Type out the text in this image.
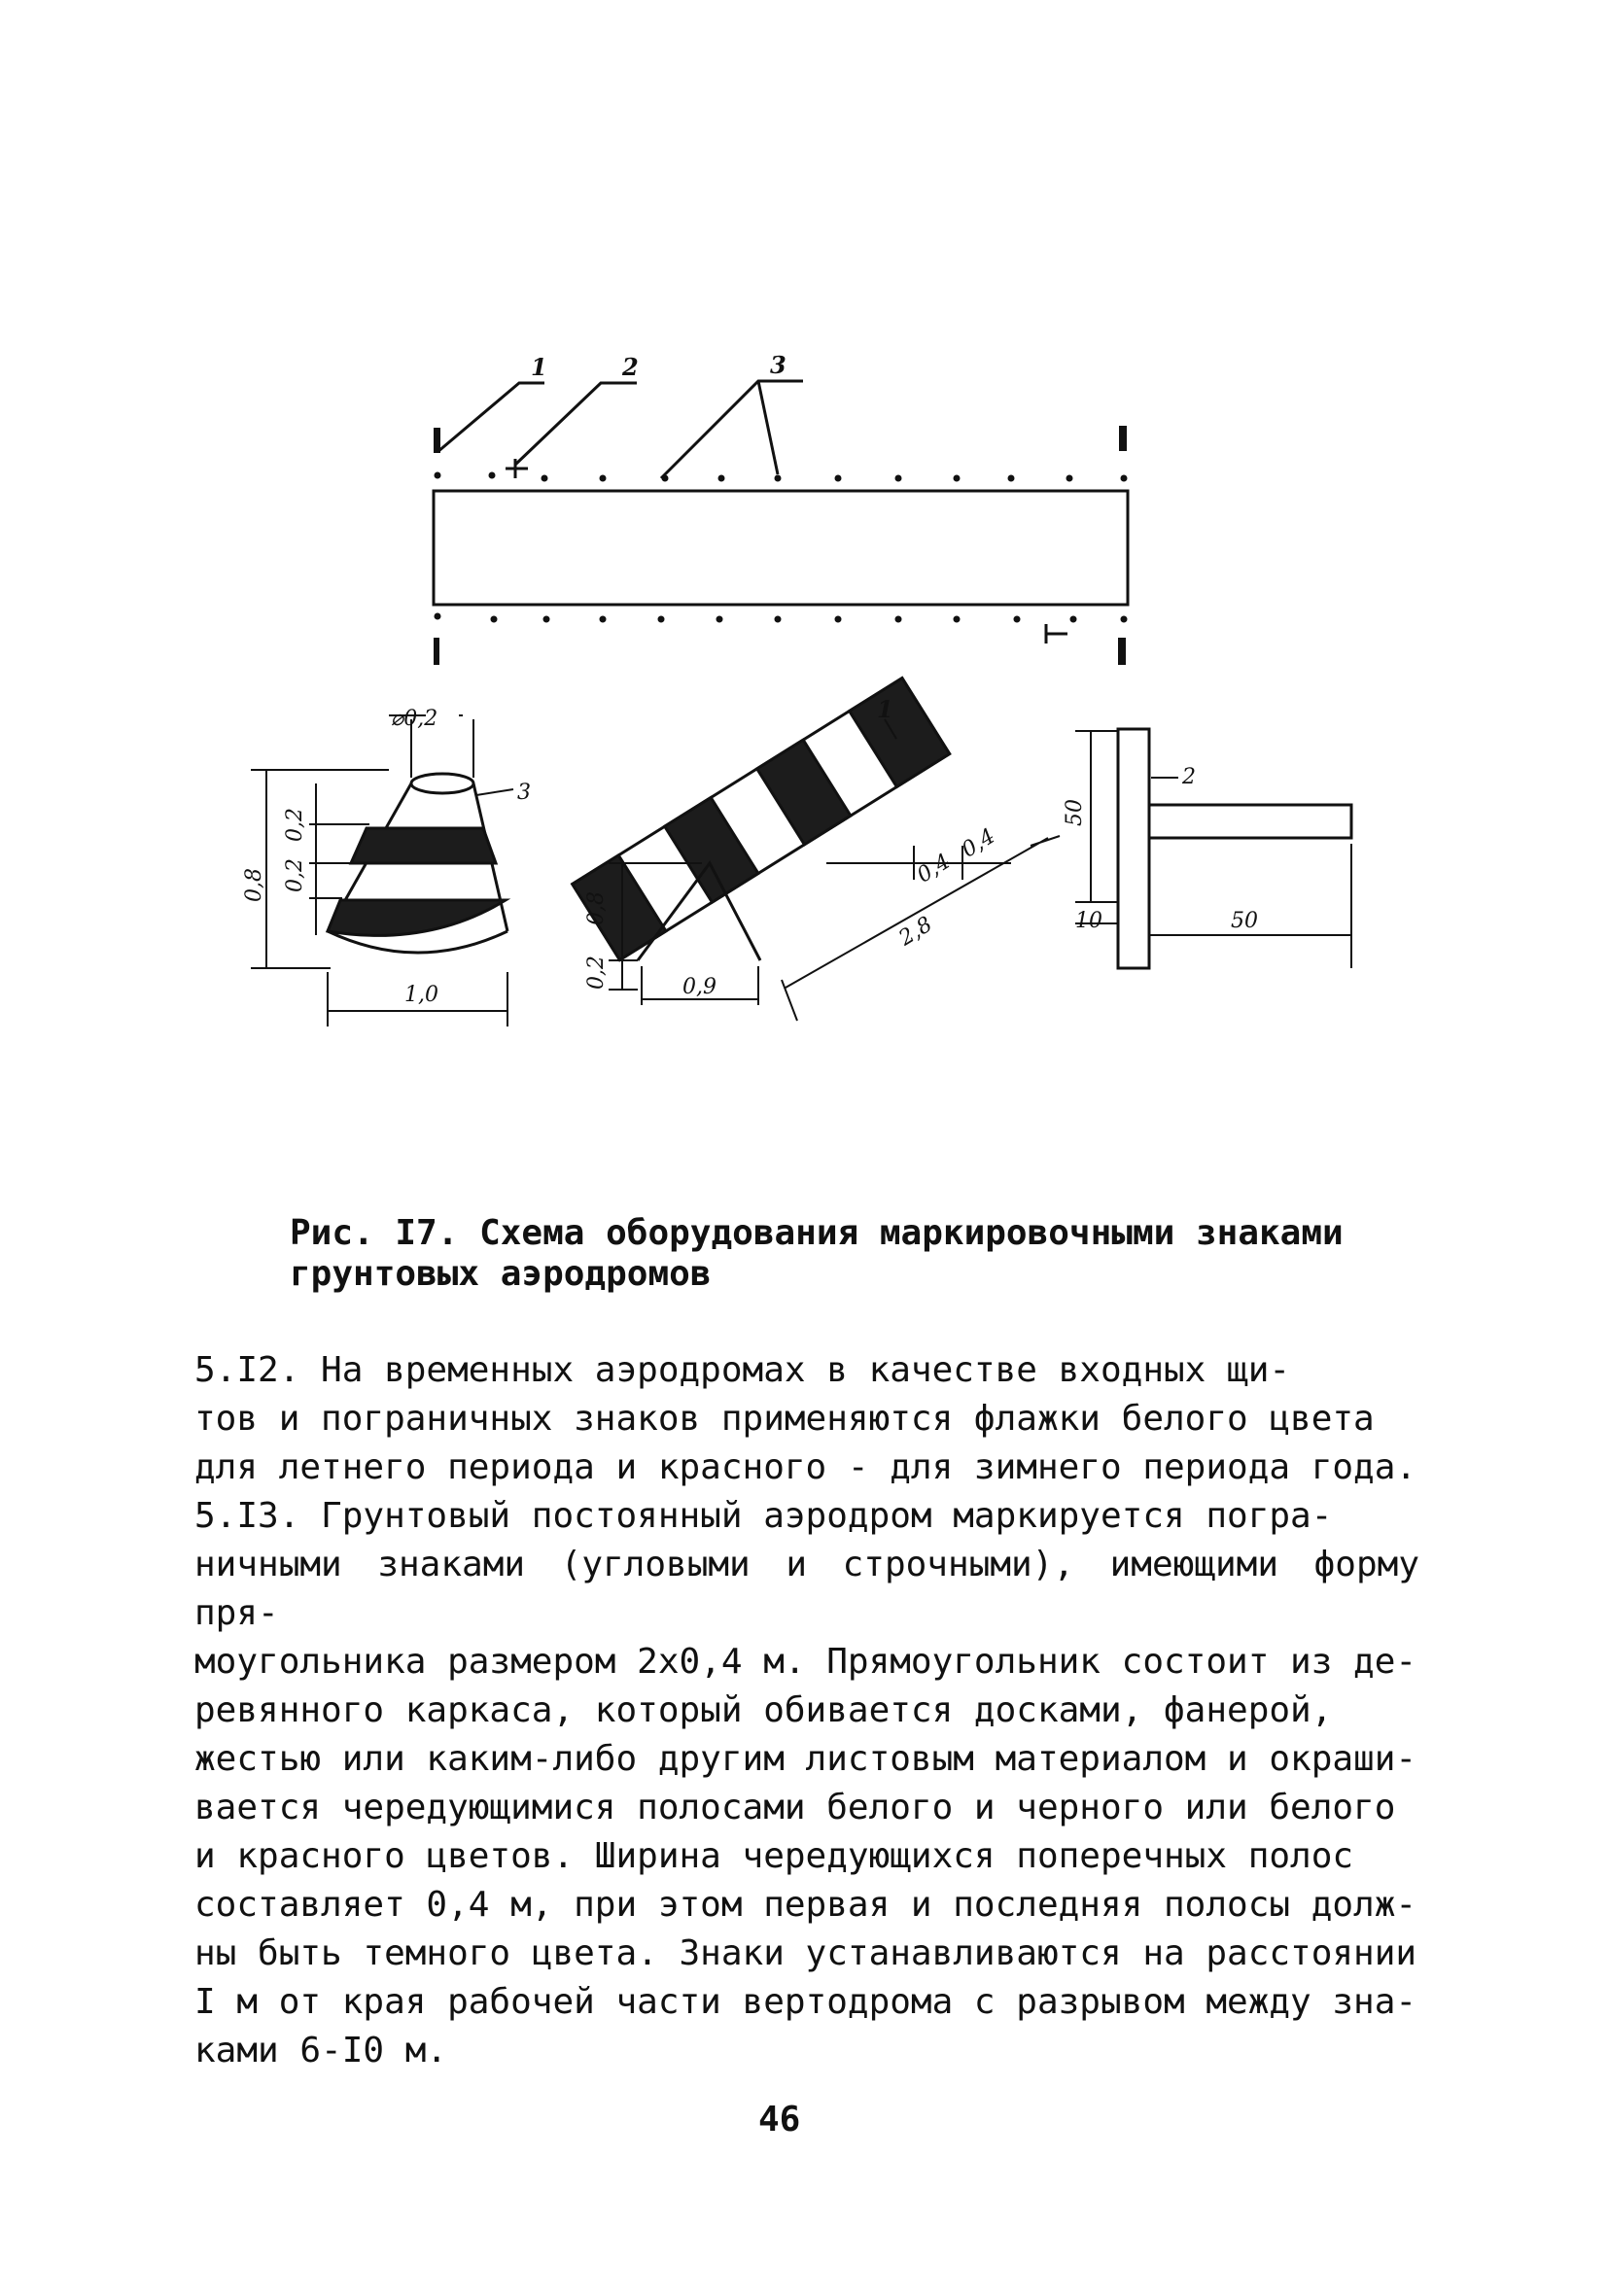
1	2	3
⌀0,2
0,2
0,2
0,8
1,0
3
1
0,8
0,2	0,9
2,8
0,4
0,4
2
50
10	50

Рис. I7. Схема оборудования маркировочными знаками грунтовых аэродромов

5.I2. На временных аэродромах в качестве входных щи-
тов и пограничных знаков применяются флажки белого цвета
для летнего периода и красного - для зимнего периода года.

5.I3. Грунтовый постоянный аэродром маркируется погра-
ничными знаками (угловыми и строчными), имеющими форму пря-
моугольника размером 2х0,4 м. Прямоугольник состоит из де-
ревянного каркаса, который обивается досками, фанерой,
жестью или каким-либо другим листовым материалом и окраши-
вается чередующимися полосами белого и черного или белого
и красного цветов. Ширина чередующихся поперечных полос
составляет 0,4 м, при этом первая и последняя полосы долж-
ны быть темного цвета. Знаки устанавливаются на расстоянии
I м от края рабочей части вертодрома с разрывом между зна-
ками 6-I0 м.

46
